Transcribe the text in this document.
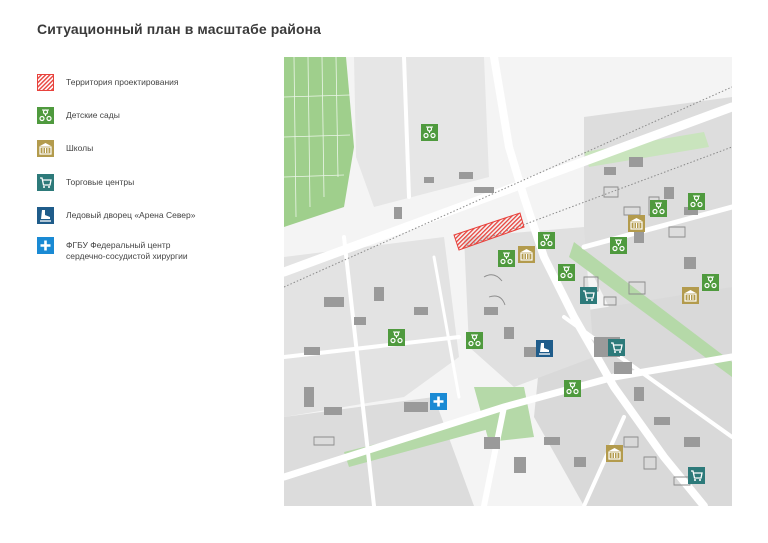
Ситуационный план в масштабе района
Территория проектирования
Детские сады
Школы
Торговые центры
Ледовый дворец «Арена Север»
ФГБУ Федеральный центр
сердечно-сосудистой хирургии
